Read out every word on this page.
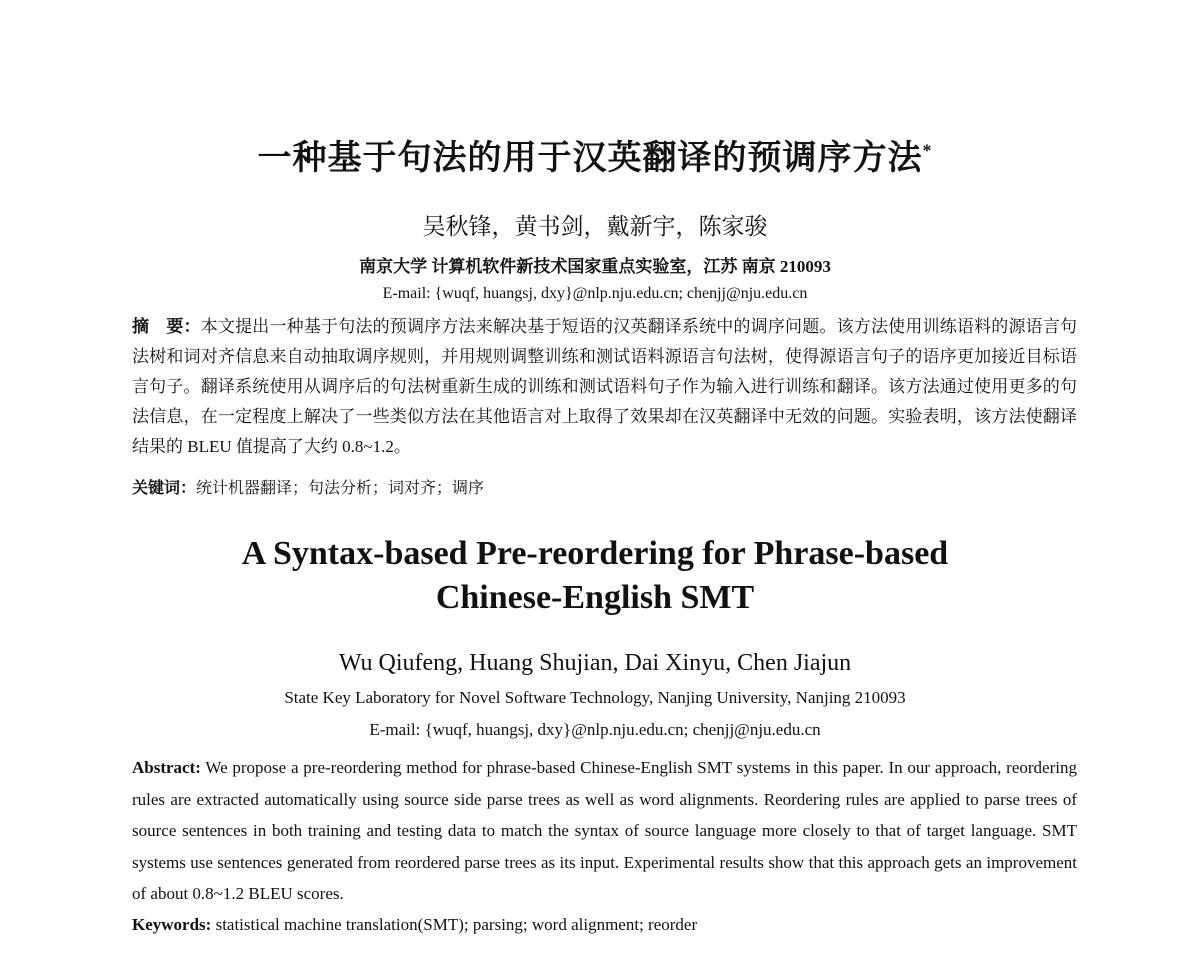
一种基于句法的用于汉英翻译的预调序方法*
吴秋锋，黄书剑，戴新宇，陈家骏
南京大学 计算机软件新技术国家重点实验室，江苏 南京 210093
E-mail: {wuqf, huangsj, dxy}@nlp.nju.edu.cn; chenjj@nju.edu.cn
摘　要：本文提出一种基于句法的预调序方法来解决基于短语的汉英翻译系统中的调序问题。该方法使用训练语料的源语言句法树和词对齐信息来自动抽取调序规则，并用规则调整训练和测试语料源语言句法树，使得源语言句子的语序更加接近目标语言句子。翻译系统使用从调序后的句法树重新生成的训练和测试语料句子作为输入进行训练和翻译。该方法通过使用更多的句法信息，在一定程度上解决了一些类似方法在其他语言对上取得了效果却在汉英翻译中无效的问题。实验表明，该方法使翻译结果的 BLEU 值提高了大约 0.8~1.2。
关键词：统计机器翻译；句法分析；词对齐；调序
A Syntax-based Pre-reordering for Phrase-based
Chinese-English SMT
Wu Qiufeng, Huang Shujian, Dai Xinyu, Chen Jiajun
State Key Laboratory for Novel Software Technology, Nanjing University, Nanjing 210093
E-mail: {wuqf, huangsj, dxy}@nlp.nju.edu.cn; chenjj@nju.edu.cn
Abstract: We propose a pre-reordering method for phrase-based Chinese-English SMT systems in this paper. In our approach, reordering rules are extracted automatically using source side parse trees as well as word alignments. Reordering rules are applied to parse trees of source sentences in both training and testing data to match the syntax of source language more closely to that of target language. SMT systems use sentences generated from reordered parse trees as its input. Experimental results show that this approach gets an improvement of about 0.8~1.2 BLEU scores.
Keywords: statistical machine translation(SMT); parsing; word alignment; reorder
